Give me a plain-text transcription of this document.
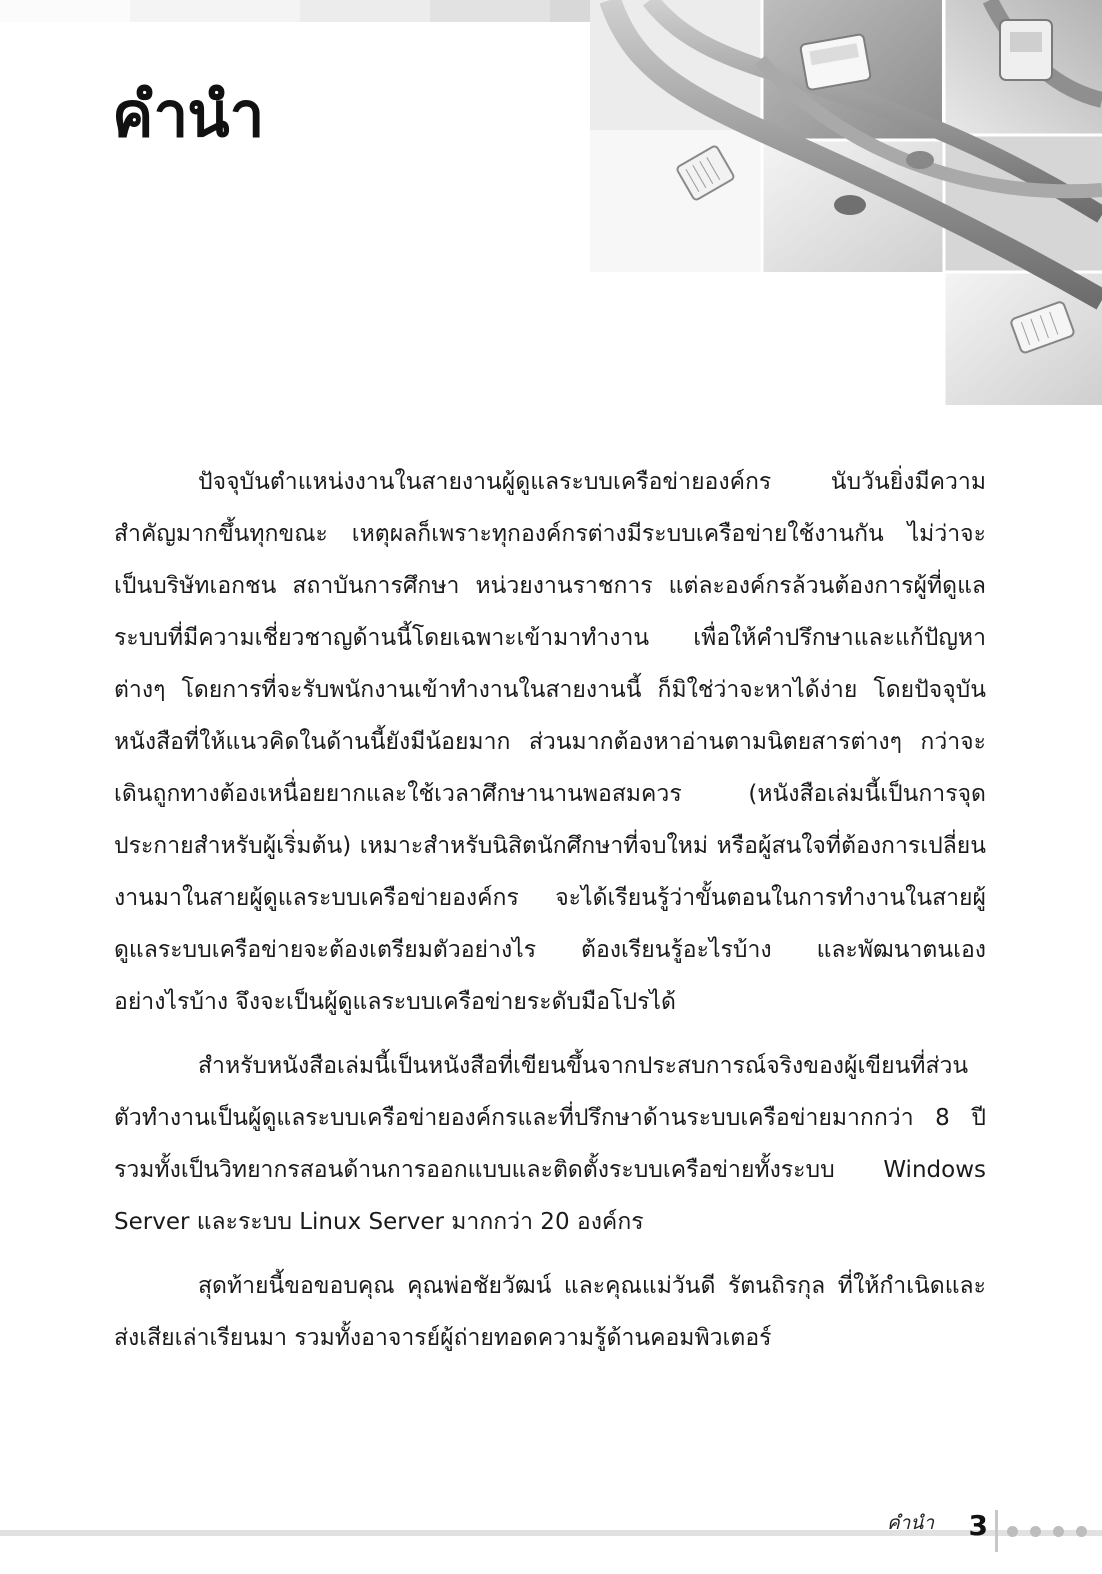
คำนำ

ปัจจุบันตำแหน่งงานในสายงานผู้ดูแลระบบเครือข่ายองค์กร นับวันยิ่งมีความสำคัญมากขึ้นทุกขณะ เหตุผลก็เพราะทุกองค์กรต่างมีระบบเครือข่ายใช้งานกัน ไม่ว่าจะเป็นบริษัทเอกชน สถาบันการศึกษา หน่วยงานราชการ แต่ละองค์กรล้วนต้องการผู้ที่ดูแลระบบที่มีความเชี่ยวชาญด้านนี้โดยเฉพาะเข้ามาทำงาน เพื่อให้คำปรึกษาและแก้ปัญหาต่างๆ โดยการที่จะรับพนักงานเข้าทำงานในสายงานนี้ ก็มิใช่ว่าจะหาได้ง่าย โดยปัจจุบันหนังสือที่ให้แนวคิดในด้านนี้ยังมีน้อยมาก ส่วนมากต้องหาอ่านตามนิตยสารต่างๆ กว่าจะเดินถูกทางต้องเหนื่อยยากและใช้เวลาศึกษานานพอสมควร (หนังสือเล่มนี้เป็นการจุดประกายสำหรับผู้เริ่มต้น) เหมาะสำหรับนิสิตนักศึกษาที่จบใหม่ หรือผู้สนใจที่ต้องการเปลี่ยนงานมาในสายผู้ดูแลระบบเครือข่ายองค์กร จะได้เรียนรู้ว่าขั้นตอนในการทำงานในสายผู้ดูแลระบบเครือข่ายจะต้องเตรียมตัวอย่างไร ต้องเรียนรู้อะไรบ้าง และพัฒนาตนเองอย่างไรบ้าง จึงจะเป็นผู้ดูแลระบบเครือข่ายระดับมือโปรได้

สำหรับหนังสือเล่มนี้เป็นหนังสือที่เขียนขึ้นจากประสบการณ์จริงของผู้เขียนที่ส่วนตัวทำงานเป็นผู้ดูแลระบบเครือข่ายองค์กรและที่ปรึกษาด้านระบบเครือข่ายมากกว่า 8 ปี รวมทั้งเป็นวิทยากรสอนด้านการออกแบบและติดตั้งระบบเครือข่ายทั้งระบบ Windows Server และระบบ Linux Server มากกว่า 20 องค์กร

สุดท้ายนี้ขอขอบคุณ คุณพ่อชัยวัฒน์ และคุณแม่วันดี รัตนถิรกุล ที่ให้กำเนิดและส่งเสียเล่าเรียนมา รวมทั้งอาจารย์ผู้ถ่ายทอดความรู้ด้านคอมพิวเตอร์

คำนำ 3
